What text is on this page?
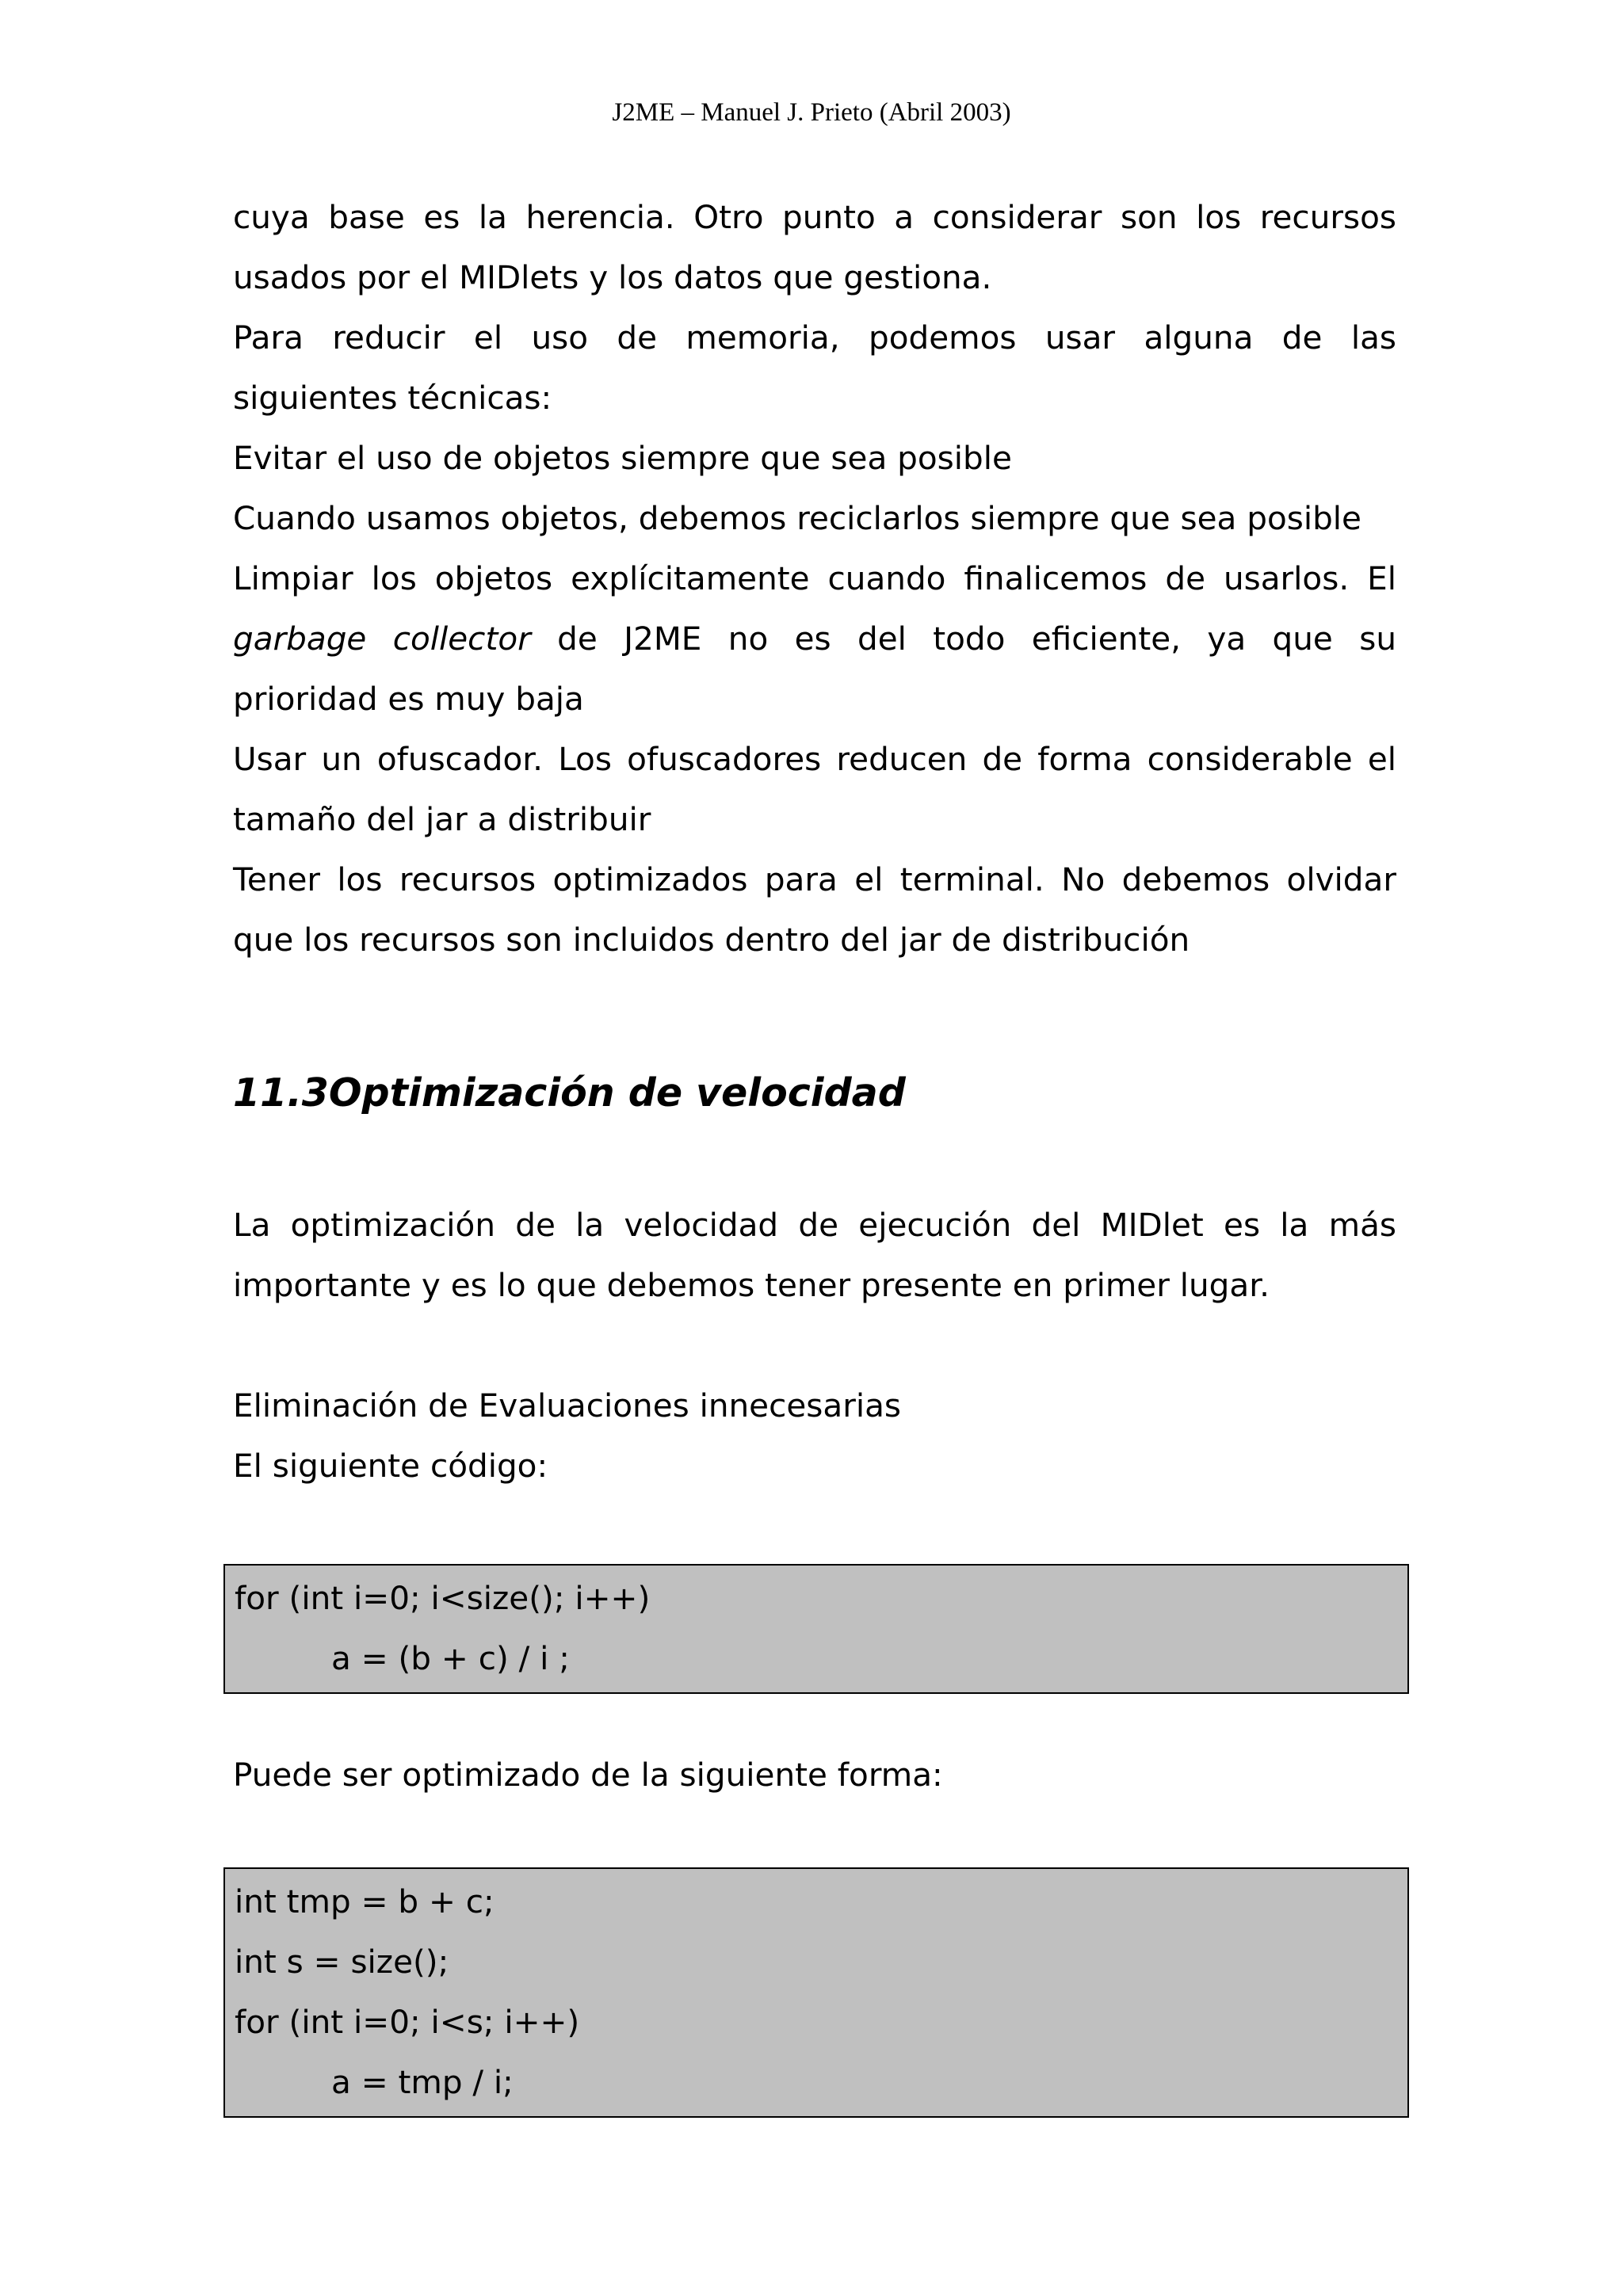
J2ME – Manuel J. Prieto (Abril 2003)
cuya base es la herencia. Otro punto a considerar son los recursos
usados por el MIDlets y los datos que gestiona.
Para reducir el uso de memoria, podemos usar alguna de las
siguientes técnicas:
Evitar el uso de objetos siempre que sea posible
Cuando usamos objetos, debemos reciclarlos siempre que sea posible
Limpiar los objetos explícitamente cuando finalicemos de usarlos. El
garbage collector de J2ME no es del todo eficiente, ya que su
prioridad es muy baja
Usar un ofuscador. Los ofuscadores reducen de forma considerable el
tamaño del jar a distribuir
Tener los recursos optimizados para el terminal. No debemos olvidar
que los recursos son incluidos dentro del jar de distribución
11.3Optimización de velocidad
La optimización de la velocidad de ejecución del MIDlet es la más
importante y es lo que debemos tener presente en primer lugar.
Eliminación de Evaluaciones innecesarias
El siguiente código:
for (int i=0; i<size(); i++)
a = (b + c) / i ;
Puede ser optimizado de la siguiente forma:
int tmp = b + c;
int s = size();
for (int i=0; i<s; i++)
a = tmp / i;
